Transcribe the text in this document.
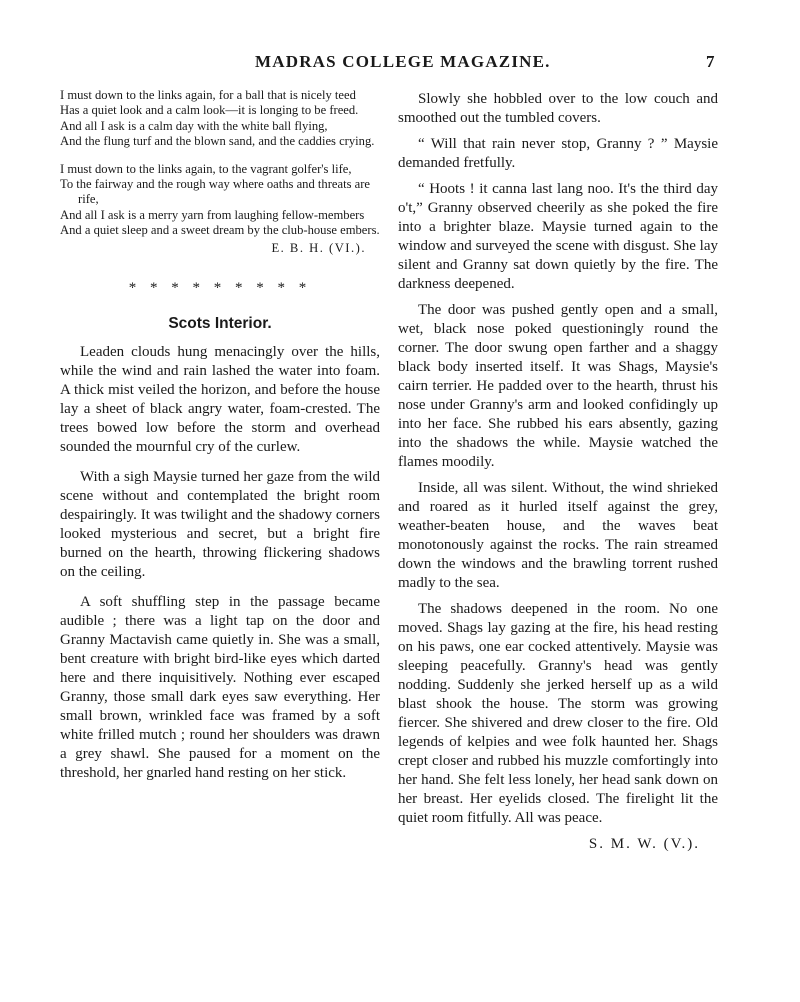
MADRAS COLLEGE MAGAZINE.	7
I must down to the links again, for a ball that is nicely teed
Has a quiet look and a calm look—it is longing to be freed.
And all I ask is a calm day with the white ball flying,
And the flung turf and the blown sand, and the caddies crying.
I must down to the links again, to the vagrant golfer's life,
To the fairway and the rough way where oaths and threats are rife,
And all I ask is a merry yarn from laughing fellow-members
And a quiet sleep and a sweet dream by the club-house embers.
E. B. H. (VI.).
* * * * * * * * *
Scots Interior.

Leaden clouds hung menacingly over the hills, while the wind and rain lashed the water into foam. A thick mist veiled the horizon, and before the house lay a sheet of black angry water, foam-crested. The trees bowed low before the storm and overhead sounded the mournful cry of the curlew.

With a sigh Maysie turned her gaze from the wild scene without and contemplated the bright room despairingly. It was twilight and the shadowy corners looked mysterious and secret, but a bright fire burned on the hearth, throwing flickering shadows on the ceiling.

A soft shuffling step in the passage became audible ; there was a light tap on the door and Granny Mactavish came quietly in. She was a small, bent creature with bright bird-like eyes which darted here and there inquisitively. Nothing ever escaped Granny, those small dark eyes saw everything. Her small brown, wrinkled face was framed by a soft white frilled mutch ; round her shoulders was drawn a grey shawl. She paused for a moment on the threshold, her gnarled hand resting on her stick.

Slowly she hobbled over to the low couch and smoothed out the tumbled covers.

“ Will that rain never stop, Granny ? ” Maysie demanded fretfully.

“ Hoots ! it canna last lang noo. It's the third day o't,” Granny observed cheerily as she poked the fire into a brighter blaze. Maysie turned again to the window and surveyed the scene with disgust. She lay silent and Granny sat down quietly by the fire. The darkness deepened.

The door was pushed gently open and a small, wet, black nose poked questioningly round the corner. The door swung open farther and a shaggy black body inserted itself. It was Shags, Maysie's cairn terrier. He padded over to the hearth, thrust his nose under Granny's arm and looked confidingly up into her face. She rubbed his ears absently, gazing into the shadows the while. Maysie watched the flames moodily.

Inside, all was silent. Without, the wind shrieked and roared as it hurled itself against the grey, weather-beaten house, and the waves beat monotonously against the rocks. The rain streamed down the windows and the brawling torrent rushed madly to the sea.

The shadows deepened in the room. No one moved. Shags lay gazing at the fire, his head resting on his paws, one ear cocked attentively. Maysie was sleeping peacefully. Granny's head was gently nodding. Suddenly she jerked herself up as a wild blast shook the house. The storm was growing fiercer. She shivered and drew closer to the fire. Old legends of kelpies and wee folk haunted her. Shags crept closer and rubbed his muzzle comfortingly into her hand. She felt less lonely, her head sank down on her breast. Her eyelids closed. The firelight lit the quiet room fitfully. All was peace.

S. M. W. (V.).
